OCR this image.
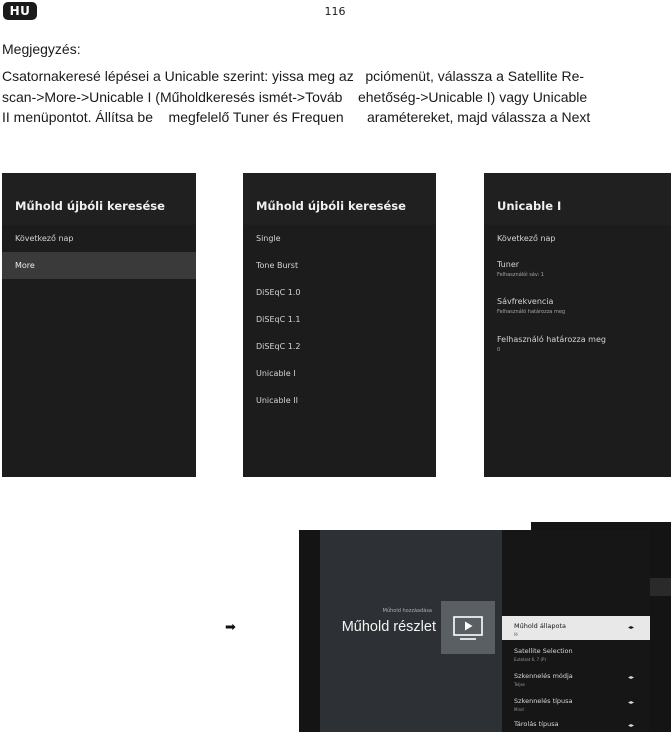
HU	116
Megjegyzés:
Csatornakeresé lépései a Unicable szerint: yissa meg az   pciómenüt, válassza a Satellite Re-
scan->More->Unicable I (Műholdkeresés ismét->Továb    ehetőség->Unicable I) vagy Unicable
II menüpontot. Állítsa be    megfelelő Tuner és Frequen      aramétereket, majd válassza a Next
Műhold újbóli keresése
Következő nap
More
Műhold újbóli keresése
Single
Tone Burst
DiSEqC 1.0
DiSEqC 1.1
DiSEqC 1.2
Unicable I
Unicable II
Unicable I
Következő nap
Tuner
Felhasználói sáv: 1
Sávfrekvencia
Felhasználó határozza meg
Felhasználó határozza meg
0
➡
Műhold hozzáadása
Műhold részlet	Műhold állapota
fé
◂▸
Satellite Selection
Eutelsat 6, 7 (P)
Szkennelés módja
Teljes
◂▸
Szkennelés típusa
Mind
◂▸
Tárolás típusa	◂▸
